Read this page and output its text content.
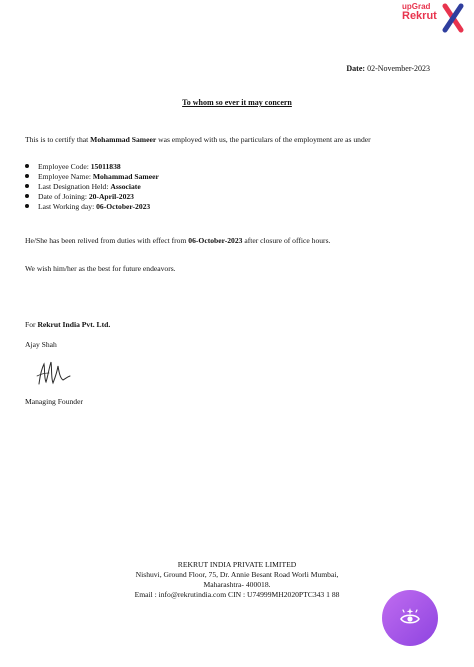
upGrad
Rekrut
Date: 02-November-2023
To whom so ever it may concern
This is to certify that Mohammad Sameer was employed with us, the particulars of the employment are as under
Employee Code: 15011838
Employee Name: Mohammad Sameer
Last Designation Held: Associate
Date of Joining: 20-April-2023
Last Working day: 06-October-2023
He/She has been relived from duties with effect from 06-October-2023 after closure of office hours.
We wish him/her as the best for future endeavors.
For Rekrut India Pvt. Ltd.
Ajay Shah
Managing Founder
REKRUT INDIA PRIVATE LIMITED
Nishuvi, Ground Floor, 75, Dr. Annie Besant Road Worli Mumbai,
Maharashtra- 400018.
Email : info@rekrutindia.com CIN : U74999MH2020PTC343 1 88
